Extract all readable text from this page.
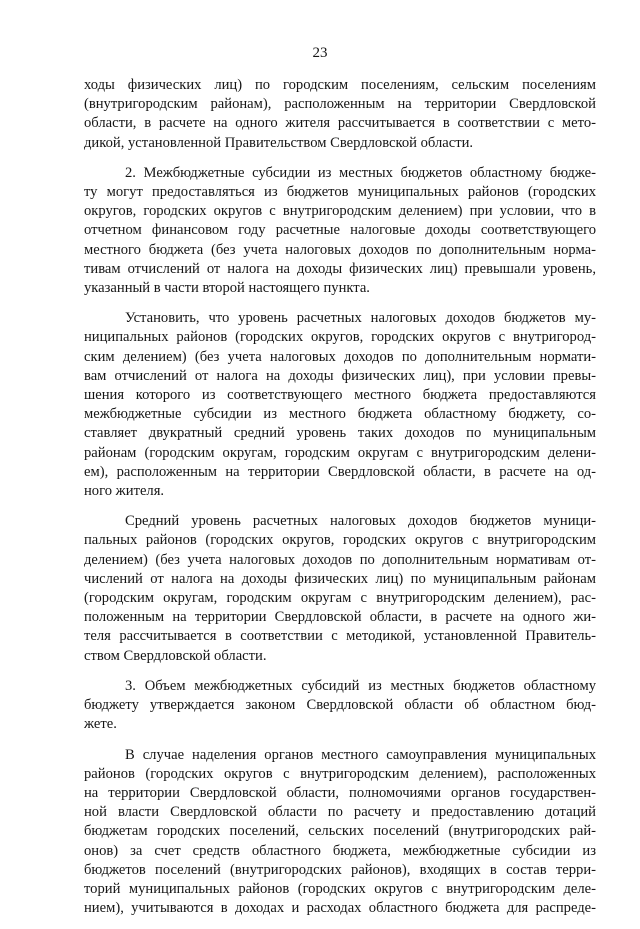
23
ходы физических лиц) по городским поселениям, сельским поселениям
(внутригородским районам), расположенным на территории Свердловской
области, в расчете на одного жителя рассчитывается в соответствии с мето-
дикой, установленной Правительством Свердловской области.
2. Межбюджетные субсидии из местных бюджетов областному бюдже-
ту могут предоставляться из бюджетов муниципальных районов (городских
округов, городских округов с внутригородским делением) при условии, что в
отчетном финансовом году расчетные налоговые доходы соответствующего
местного бюджета (без учета налоговых доходов по дополнительным норма-
тивам отчислений от налога на доходы физических лиц) превышали уровень,
указанный в части второй настоящего пункта.
Установить, что уровень расчетных налоговых доходов бюджетов му-
ниципальных районов (городских округов, городских округов с внутригород-
ским делением) (без учета налоговых доходов по дополнительным нормати-
вам отчислений от налога на доходы физических лиц), при условии превы-
шения которого из соответствующего местного бюджета предоставляются
межбюджетные субсидии из местного бюджета областному бюджету, со-
ставляет двукратный средний уровень таких доходов по муниципальным
районам (городским округам, городским округам с внутригородским делени-
ем), расположенным на территории Свердловской области, в расчете на од-
ного жителя.
Средний уровень расчетных налоговых доходов бюджетов муници-
пальных районов (городских округов, городских округов с внутригородским
делением) (без учета налоговых доходов по дополнительным нормативам от-
числений от налога на доходы физических лиц) по муниципальным районам
(городским округам, городским округам с внутригородским делением), рас-
положенным на территории Свердловской области, в расчете на одного жи-
теля рассчитывается в соответствии с методикой, установленной Правитель-
ством Свердловской области.
3. Объем межбюджетных субсидий из местных бюджетов областному
бюджету утверждается законом Свердловской области об областном бюд-
жете.
В случае наделения органов местного самоуправления муниципальных
районов (городских округов с внутригородским делением), расположенных
на территории Свердловской области, полномочиями органов государствен-
ной власти Свердловской области по расчету и предоставлению дотаций
бюджетам городских поселений, сельских поселений (внутригородских рай-
онов) за счет средств областного бюджета, межбюджетные субсидии из
бюджетов поселений (внутригородских районов), входящих в состав терри-
торий муниципальных районов (городских округов с внутригородским деле-
нием), учитываются в доходах и расходах областного бюджета для распреде-
